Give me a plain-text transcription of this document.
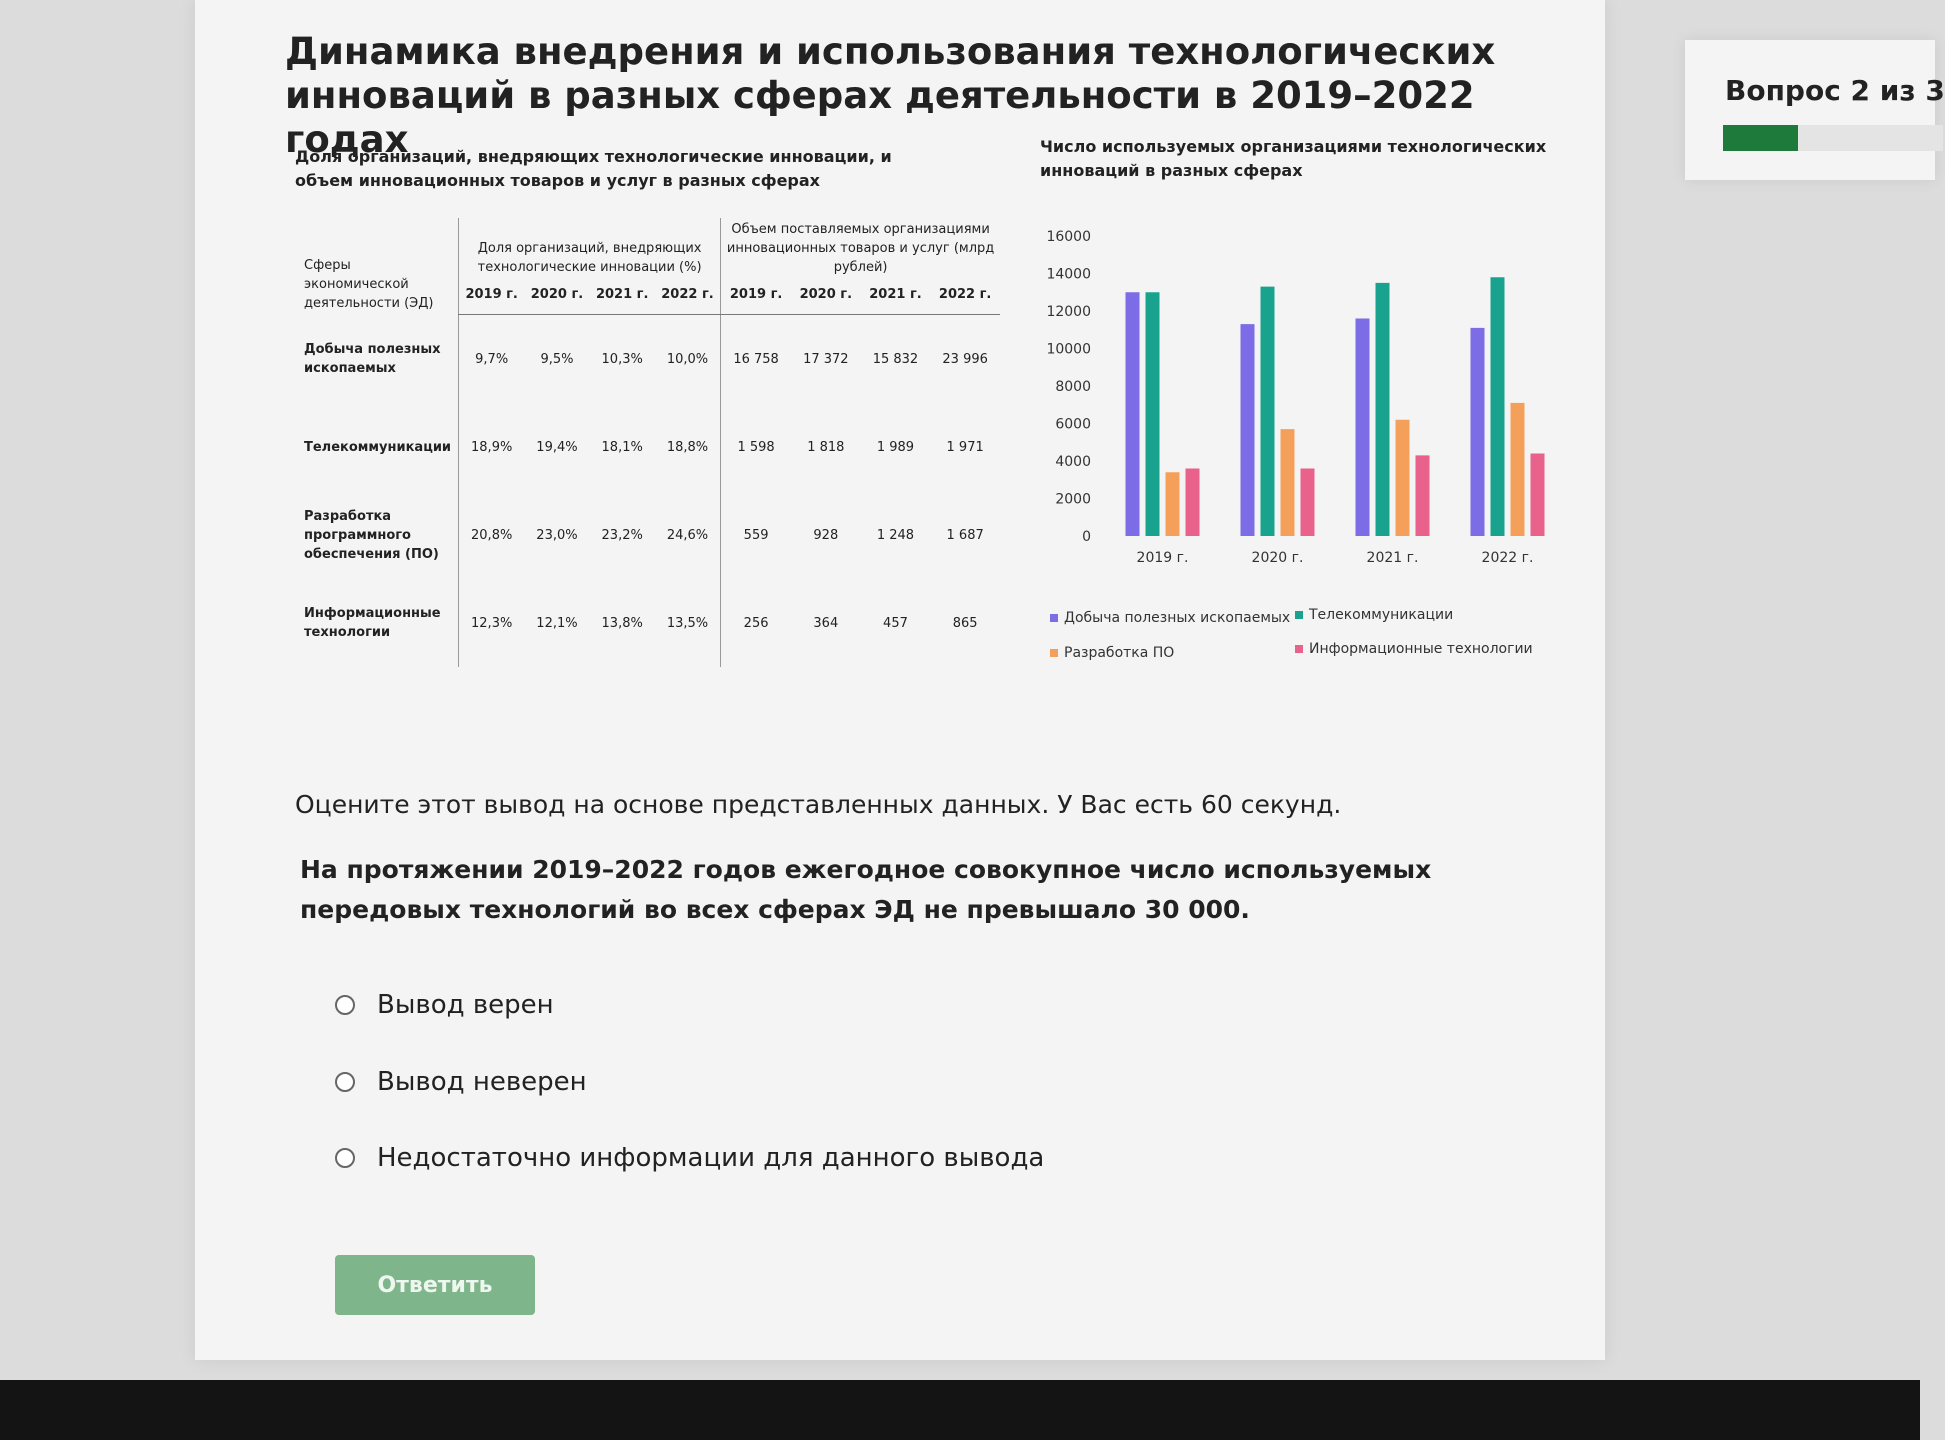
Динамика внедрения и использования технологических инноваций в разных сферах деятельности в 2019–2022 годах
Доля организаций, внедряющих технологические инновации, и объем инновационных товаров и услуг в разных сферах
Сферы экономической деятельности (ЭД)	Доля организаций, внедряющих технологические инновации (%)				Объем поставляемых организациями инновационных товаров и услуг (млрд рублей)			
	2019 г.	2020 г.	2021 г.	2022 г.	2019 г.	2020 г.	2021 г.	2022 г.
Добыча полезных ископаемых	9,7%	9,5%	10,3%	10,0%	16 758	17 372	15 832	23 996
Телекоммуникации	18,9%	19,4%	18,1%	18,8%	1 598	1 818	1 989	1 971
Разработка программного обеспечения (ПО)	20,8%	23,0%	23,2%	24,6%	559	928	1 248	1 687
Информационные технологии	12,3%	12,1%	13,8%	13,5%	256	364	457	865
Число используемых организациями технологических инноваций в разных сферах
0
2000
4000
6000
8000
10000
12000
14000
16000
2019 г.	2020 г.	2021 г.	2022 г.
Добыча полезных ископаемых	Телекоммуникации
Разработка ПО	Информационные технологии
Оцените этот вывод на основе представленных данных. У Вас есть 60 секунд.
На протяжении 2019–2022 годов ежегодное совокупное число используемых передовых технологий во всех сферах ЭД не превышало 30 000.
Вывод верен
Вывод неверен
Недостаточно информации для данного вывода
Ответить
Вопрос 2 из 3
